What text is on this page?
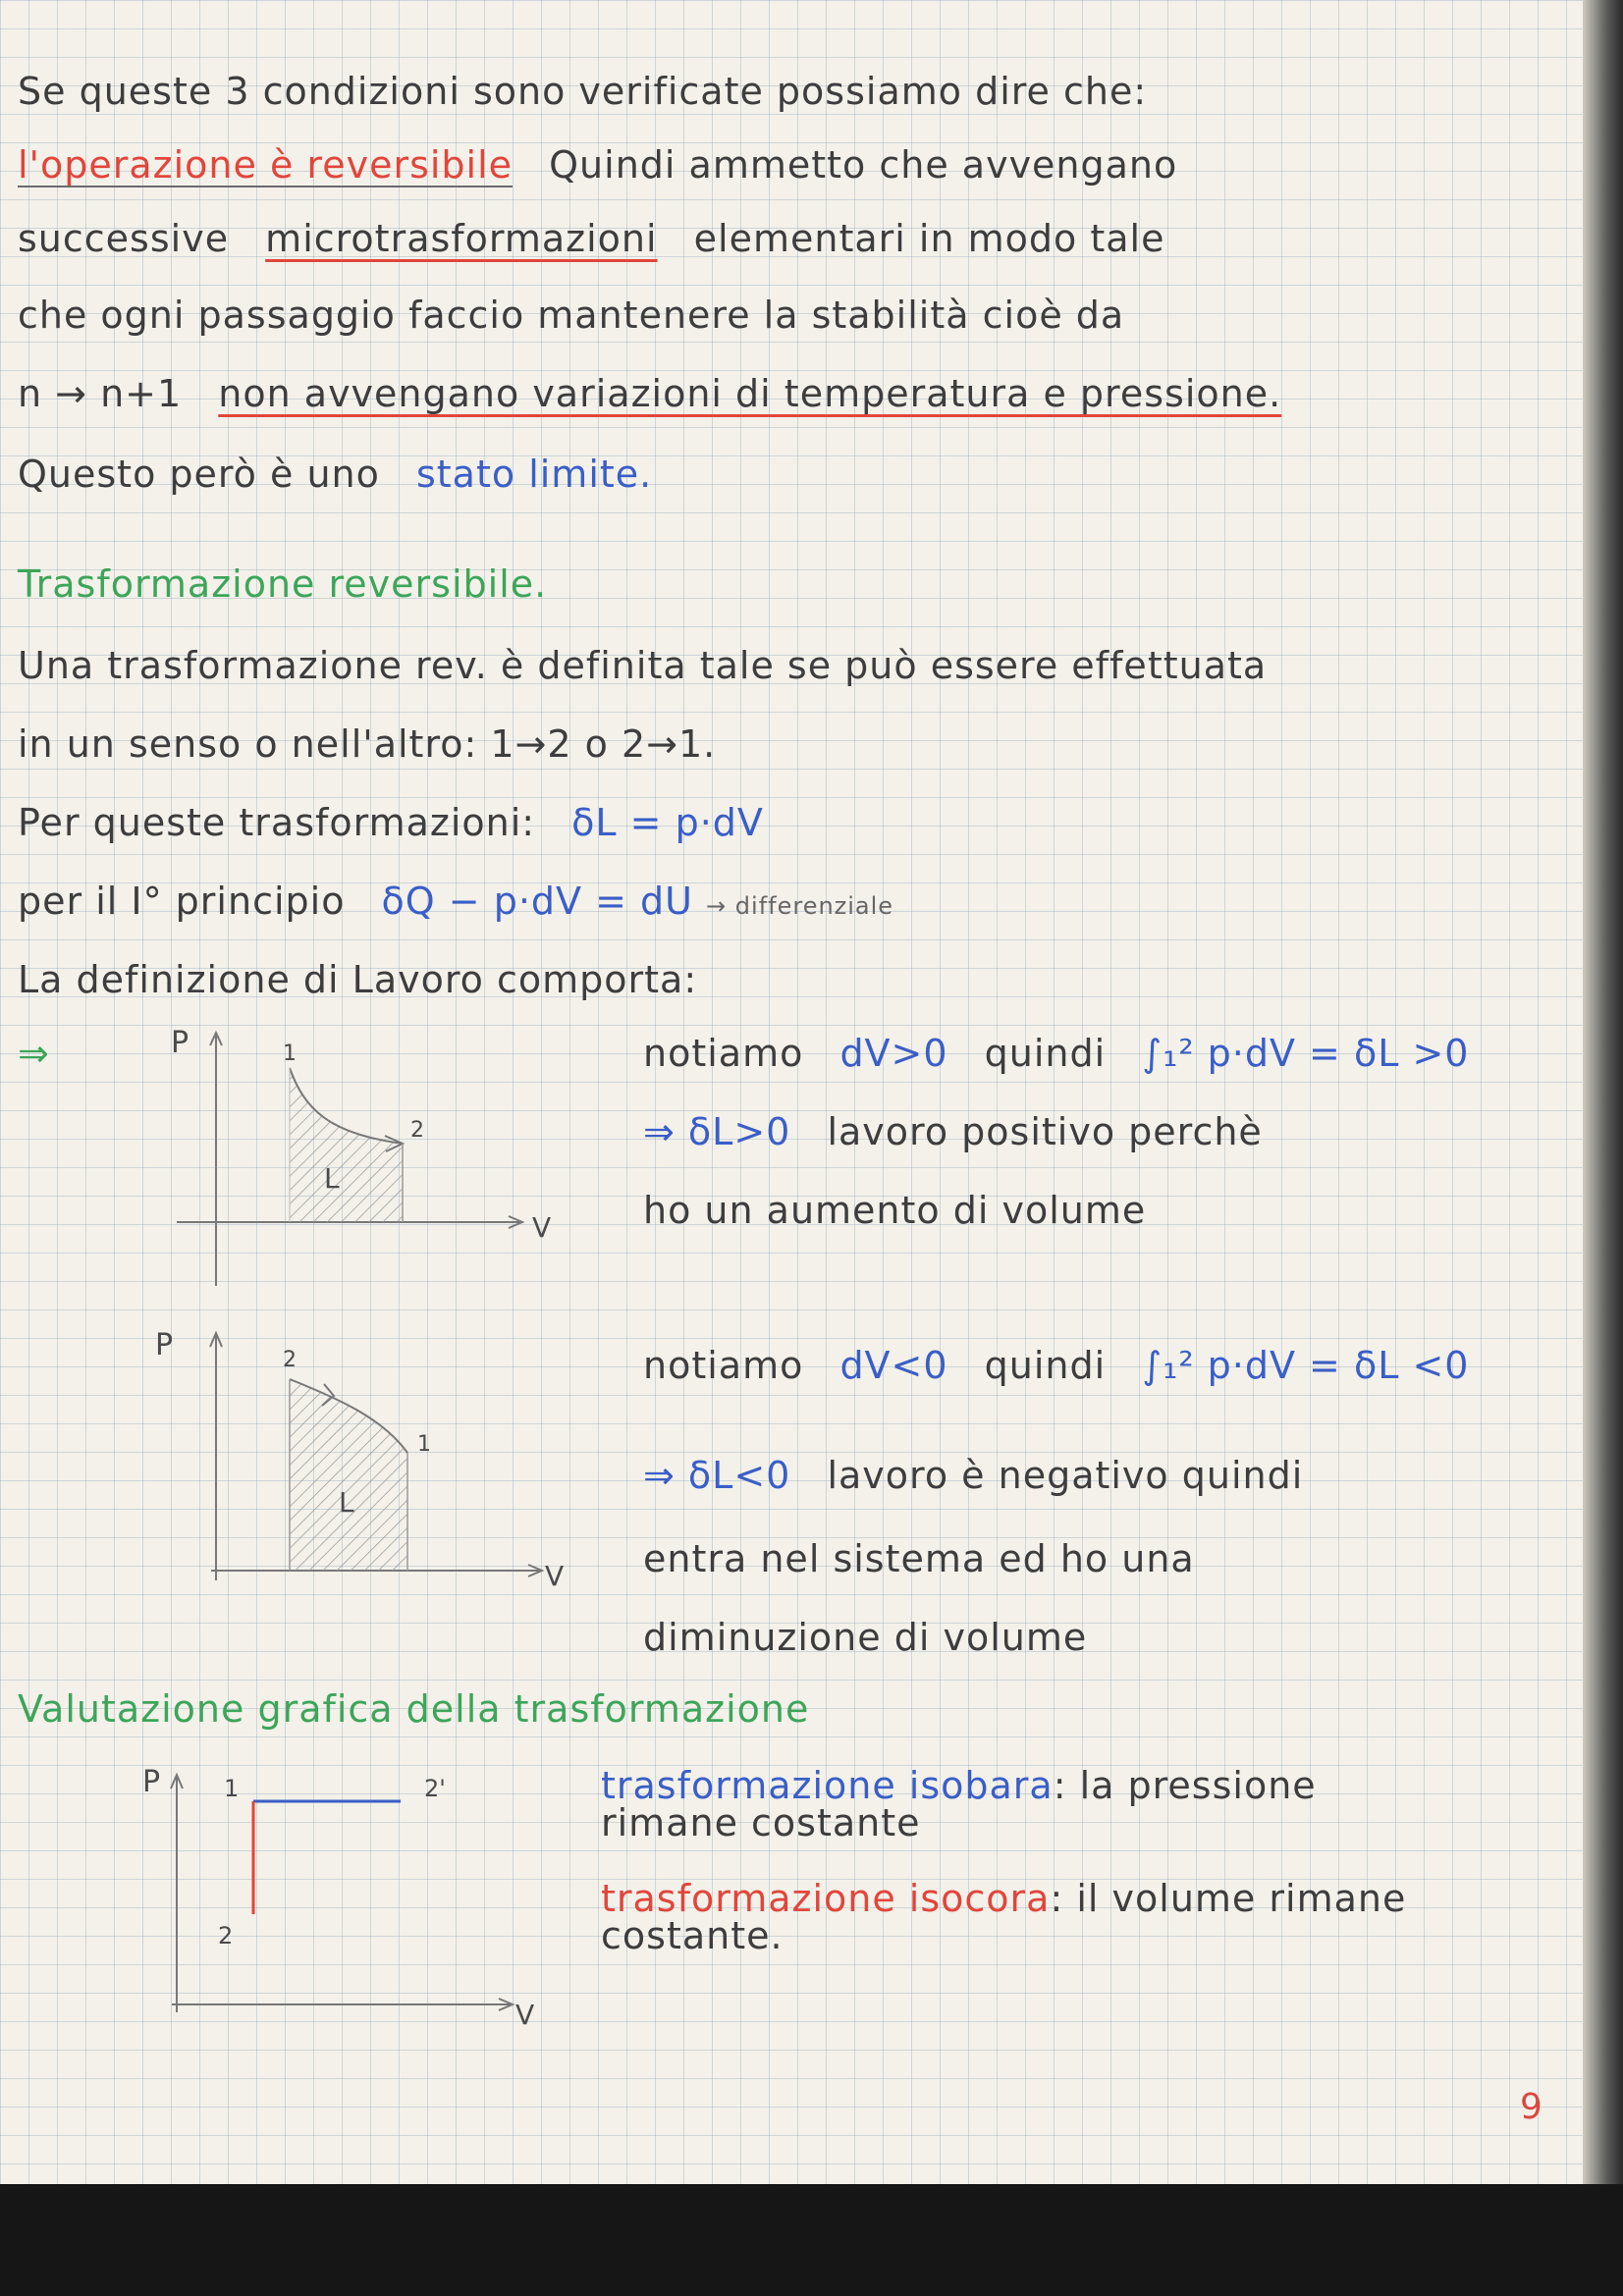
Se queste 3 condizioni sono verificate possiamo dire che:
l'operazione è reversibile Quindi ammetto che avvengano
successive microtrasformazioni elementari in modo tale
che ogni passaggio faccio mantenere la stabilità cioè da
n → n+1 non avvengano variazioni di temperatura e pressione.
Questo però è uno stato limite.
Trasformazione reversibile.
Una trasformazione rev. è definita tale se può essere effettuata
in un senso o nell'altro: 1→2 o 2→1.
Per queste trasformazioni: δL = p·dV
per il I° principio δQ − p·dV = dU → differenziale
La definizione di Lavoro comporta:
⇒	P
V
1
2
L
notiamo dV>0 quindi ∫₁² p·dV = δL >0
⇒ δL>0 lavoro positivo perchè
ho un aumento di volume
P
V
2
1
L
notiamo dV<0 quindi ∫₁² p·dV = δL <0
⇒ δL<0 lavoro è negativo quindi
entra nel sistema ed ho una
diminuzione di volume
Valutazione grafica della trasformazione
P
V
1	2'
2
trasformazione isobara: la pressione
rimane costante
trasformazione isocora: il volume rimane
costante.
9
